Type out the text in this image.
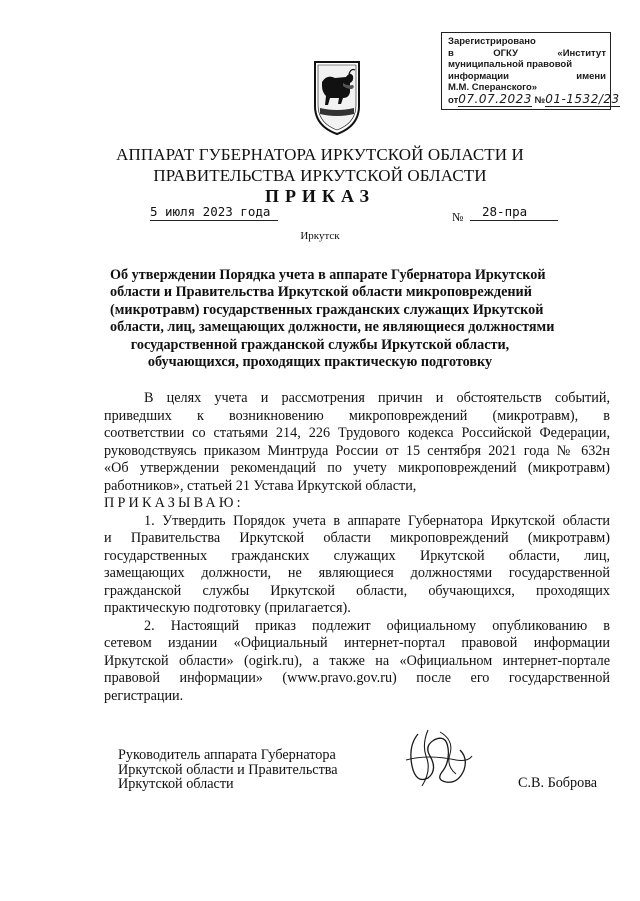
Зарегистрировано
в	ОГКУ	«Институт
муниципальной правовой
информации	имени
М.М. Сперанского»
от07.07.2023 №01-1532/23
АППАРАТ ГУБЕРНАТОРА ИРКУТСКОЙ ОБЛАСТИ И
ПРАВИТЕЛЬСТВА ИРКУТСКОЙ ОБЛАСТИ
ПРИКАЗ
5 июля 2023 года	№	28-пра
Иркутск
Об утверждении Порядка учета в аппарате Губернатора Иркутской
области и Правительства Иркутской области микроповреждений
(микротравм) государственных гражданских служащих Иркутской
области, лиц, замещающих должности, не являющиеся должностями
государственной гражданской службы Иркутской области,
обучающихся, проходящих практическую подготовку
В целях учета и рассмотрения причин и обстоятельств событий,
приведших к возникновению микроповреждений (микротравм), в
соответствии со статьями 214, 226 Трудового кодекса Российской Федерации,
руководствуясь приказом Минтруда России от 15 сентября 2021 года № 632н
«Об утверждении рекомендаций по учету микроповреждений (микротравм)
работников», статьей 21 Устава Иркутской области,
ПРИКАЗЫВАЮ:
1. Утвердить Порядок учета в аппарате Губернатора Иркутской области
и Правительства Иркутской области микроповреждений (микротравм)
государственных гражданских служащих Иркутской области, лиц,
замещающих должности, не являющиеся должностями государственной
гражданской службы Иркутской области, обучающихся, проходящих
практическую подготовку (прилагается).
2. Настоящий приказ подлежит официальному опубликованию в
сетевом издании «Официальный интернет-портал правовой информации
Иркутской области» (ogirk.ru), а также на «Официальном интернет-портале
правовой информации» (www.pravo.gov.ru) после его государственной
регистрации.
Руководитель аппарата Губернатора
Иркутской области и Правительства
Иркутской области	С.В. Боброва
